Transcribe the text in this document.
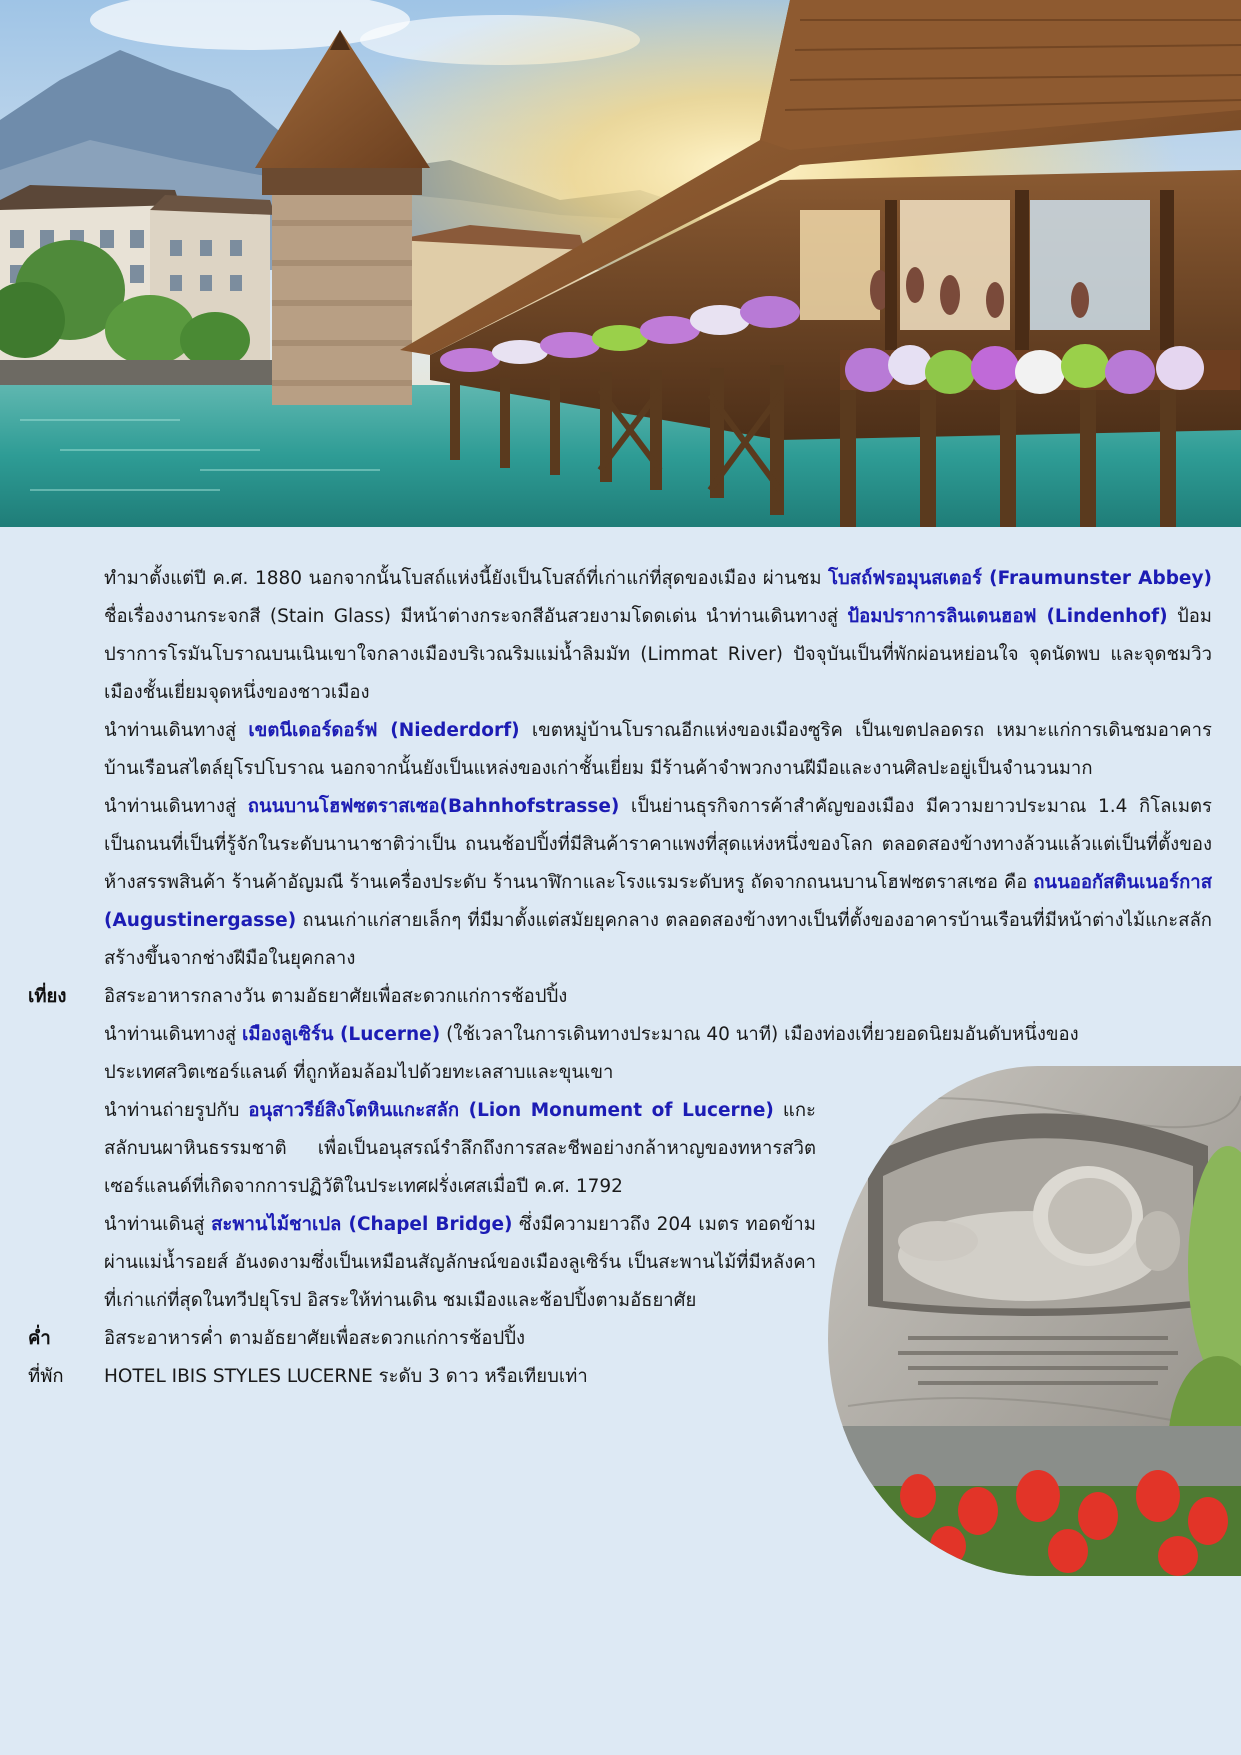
ทำมาตั้งแต่ปี ค.ศ. 1880 นอกจากนั้นโบสถ์แห่งนี้ยังเป็นโบสถ์ที่เก่าแก่ที่สุดของเมือง ผ่านชม โบสถ์ฟรอมุนสเตอร์ (Fraumunster Abbey) ชื่อเรื่องงานกระจกสี (Stain Glass) มีหน้าต่างกระจกสีอันสวยงามโดดเด่น นำท่านเดินทางสู่ ป้อมปราการลินเดนฮอฟ (Lindenhof) ป้อมปราการโรมันโบราณบนเนินเขาใจกลางเมืองบริเวณริมแม่น้ำลิมมัท (Limmat River) ปัจจุบันเป็นที่พักผ่อนหย่อนใจ จุดนัดพบ และจุดชมวิวเมืองชั้นเยี่ยมจุดหนึ่งของชาวเมือง

นำท่านเดินทางสู่ เขตนีเดอร์ดอร์ฟ (Niederdorf) เขตหมู่บ้านโบราณอีกแห่งของเมืองซูริค เป็นเขตปลอดรถ เหมาะแก่การเดินชมอาคารบ้านเรือนสไตล์ยุโรปโบราณ นอกจากนั้นยังเป็นแหล่งของเก่าชั้นเยี่ยม มีร้านค้าจำพวกงานฝีมือและงานศิลปะอยู่เป็นจำนวนมาก

นำท่านเดินทางสู่ ถนนบานโฮฟซตราสเซอ(Bahnhofstrasse) เป็นย่านธุรกิจการค้าสำคัญของเมือง มีความยาวประมาณ 1.4 กิโลเมตร เป็นถนนที่เป็นที่รู้จักในระดับนานาชาติว่าเป็น ถนนช้อปปิ้งที่มีสินค้าราคาแพงที่สุดแห่งหนึ่งของโลก ตลอดสองข้างทางล้วนแล้วแต่เป็นที่ตั้งของห้างสรรพสินค้า ร้านค้าอัญมณี ร้านเครื่องประดับ ร้านนาฬิกาและโรงแรมระดับหรู ถัดจากถนนบานโฮฟซตราสเซอ คือ ถนนออกัสตินเนอร์กาส (Augustinergasse) ถนนเก่าแก่สายเล็กๆ ที่มีมาตั้งแต่สมัยยุคกลาง ตลอดสองข้างทางเป็นที่ตั้งของอาคารบ้านเรือนที่มีหน้าต่างไม้แกะสลัก สร้างขึ้นจากช่างฝีมือในยุคกลาง

เที่ยง อิสระอาหารกลางวัน ตามอัธยาศัยเพื่อสะดวกแก่การช้อปปิ้ง

นำท่านเดินทางสู่ เมืองลูเซิร์น (Lucerne) (ใช้เวลาในการเดินทางประมาณ 40 นาที) เมืองท่องเที่ยวยอดนิยมอันดับหนึ่งของ
ประเทศสวิตเซอร์แลนด์ ที่ถูกห้อมล้อมไปด้วยทะเลสาบและขุนเขา

นำท่านถ่ายรูปกับ อนุสาวรีย์สิงโตหินแกะสลัก (Lion Monument of Lucerne) แกะสลักบนผาหินธรรมชาติ เพื่อเป็นอนุสรณ์รำลึกถึงการสละชีพอย่างกล้าหาญของทหารสวิตเซอร์แลนด์ที่เกิดจากการปฏิวัติในประเทศฝรั่งเศสเมื่อปี ค.ศ. 1792

นำท่านเดินสู่ สะพานไม้ชาเปล (Chapel Bridge) ซึ่งมีความยาวถึง 204 เมตร ทอดข้ามผ่านแม่น้ำรอยส์ อันงดงามซึ่งเป็นเหมือนสัญลักษณ์ของเมืองลูเซิร์น เป็นสะพานไม้ที่มีหลังคาที่เก่าแก่ที่สุดในทวีปยุโรป อิสระให้ท่านเดิน ชมเมืองและช้อปปิ้งตามอัธยาศัย

ค่ำ	อิสระอาหารค่ำ ตามอัธยาศัยเพื่อสะดวกแก่การช้อปปิ้ง
ที่พัก HOTEL IBIS STYLES LUCERNE ระดับ 3 ดาว หรือเทียบเท่า
